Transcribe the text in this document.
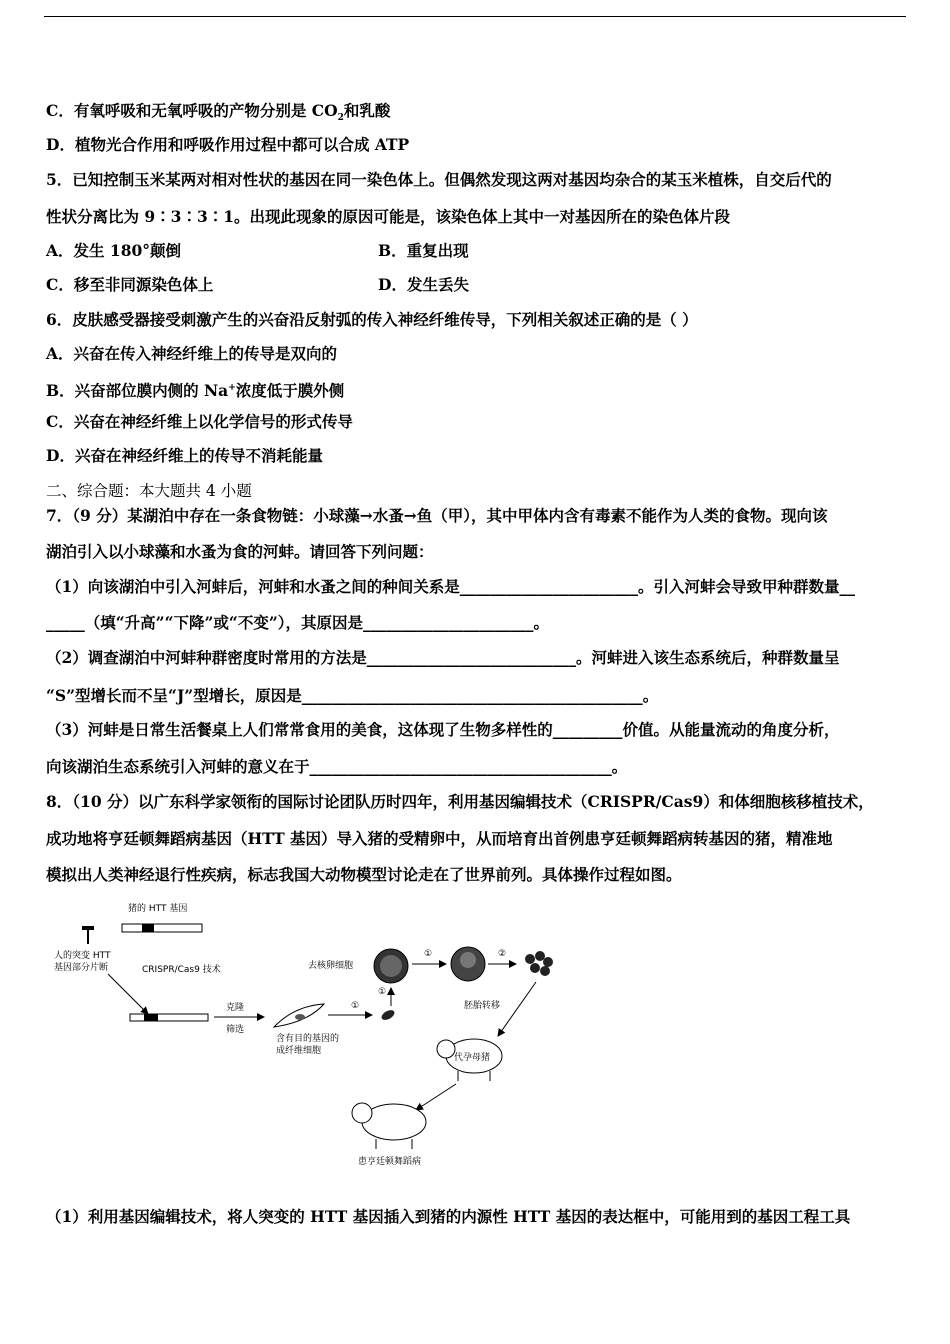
C．有氧呼吸和无氧呼吸的产物分别是 $CO_2$和乳酸
D．植物光合作用和呼吸作用过程中都可以合成 ATP
5．已知控制玉米某两对相对性状的基因在同一染色体上。但偶然发现这两对基因均杂合的某玉米植株，自交后代的
性状分离比为 9∶3∶3∶1。出现此现象的原因可能是，该染色体上其中一对基因所在的染色体片段
A．发生 180°颠倒	B．重复出现
C．移至非同源染色体上	D．发生丢失
6．皮肤感受器接受刺激产生的兴奋沿反射弧的传入神经纤维传导，下列相关叙述正确的是（ ）
A．兴奋在传入神经纤维上的传导是双向的
B．兴奋部位膜内侧的 Na+浓度低于膜外侧
C．兴奋在神经纤维上以化学信号的形式传导
D．兴奋在神经纤维上的传导不消耗能量
二、综合题：本大题共 4 小题
7．（9 分）某湖泊中存在一条食物链：小球藻→水蚤→鱼（甲），其中甲体内含有毒素不能作为人类的食物。现向该
湖泊引入以小球藻和水蚤为食的河蚌。请回答下列问题：
（1）向该湖泊中引入河蚌后，河蚌和水蚤之间的种间关系是_______________________。引入河蚌会导致甲种群数量__
_____（填“升高”“下降”或“不变”），其原因是______________________。
（2）调查湖泊中河蚌种群密度时常用的方法是___________________________。河蚌进入该生态系统后，种群数量呈
“S”型增长而不呈“J”型增长，原因是____________________________________________。
（3）河蚌是日常生活餐桌上人们常常食用的美食，这体现了生物多样性的_________价值。从能量流动的角度分析，
向该湖泊生态系统引入河蚌的意义在于_______________________________________。
8．（10 分）以广东科学家领衔的国际讨论团队历时四年，利用基因编辑技术（CRISPR/Cas9）和体细胞核移植技术，
成功地将亨廷顿舞蹈病基因（HTT 基因）导入猪的受精卵中，从而培育出首例患亨廷顿舞蹈病转基因的猪，精准地
模拟出人类神经退行性疾病，标志我国大动物模型讨论走在了世界前列。具体操作过程如图。
猪的 HTT 基因
人的突变 HTT
基因部分片断	CRISPR/Cas9 技术
克隆
筛选
含有目的基因的
成纤维细胞
①
去核卵细胞
①
①	②
胚胎转移
代孕母猪
患亨廷顿舞蹈病
（1）利用基因编辑技术，将人突变的 HTT 基因插入到猪的内源性 HTT 基因的表达框中，可能用到的基因工程工具
